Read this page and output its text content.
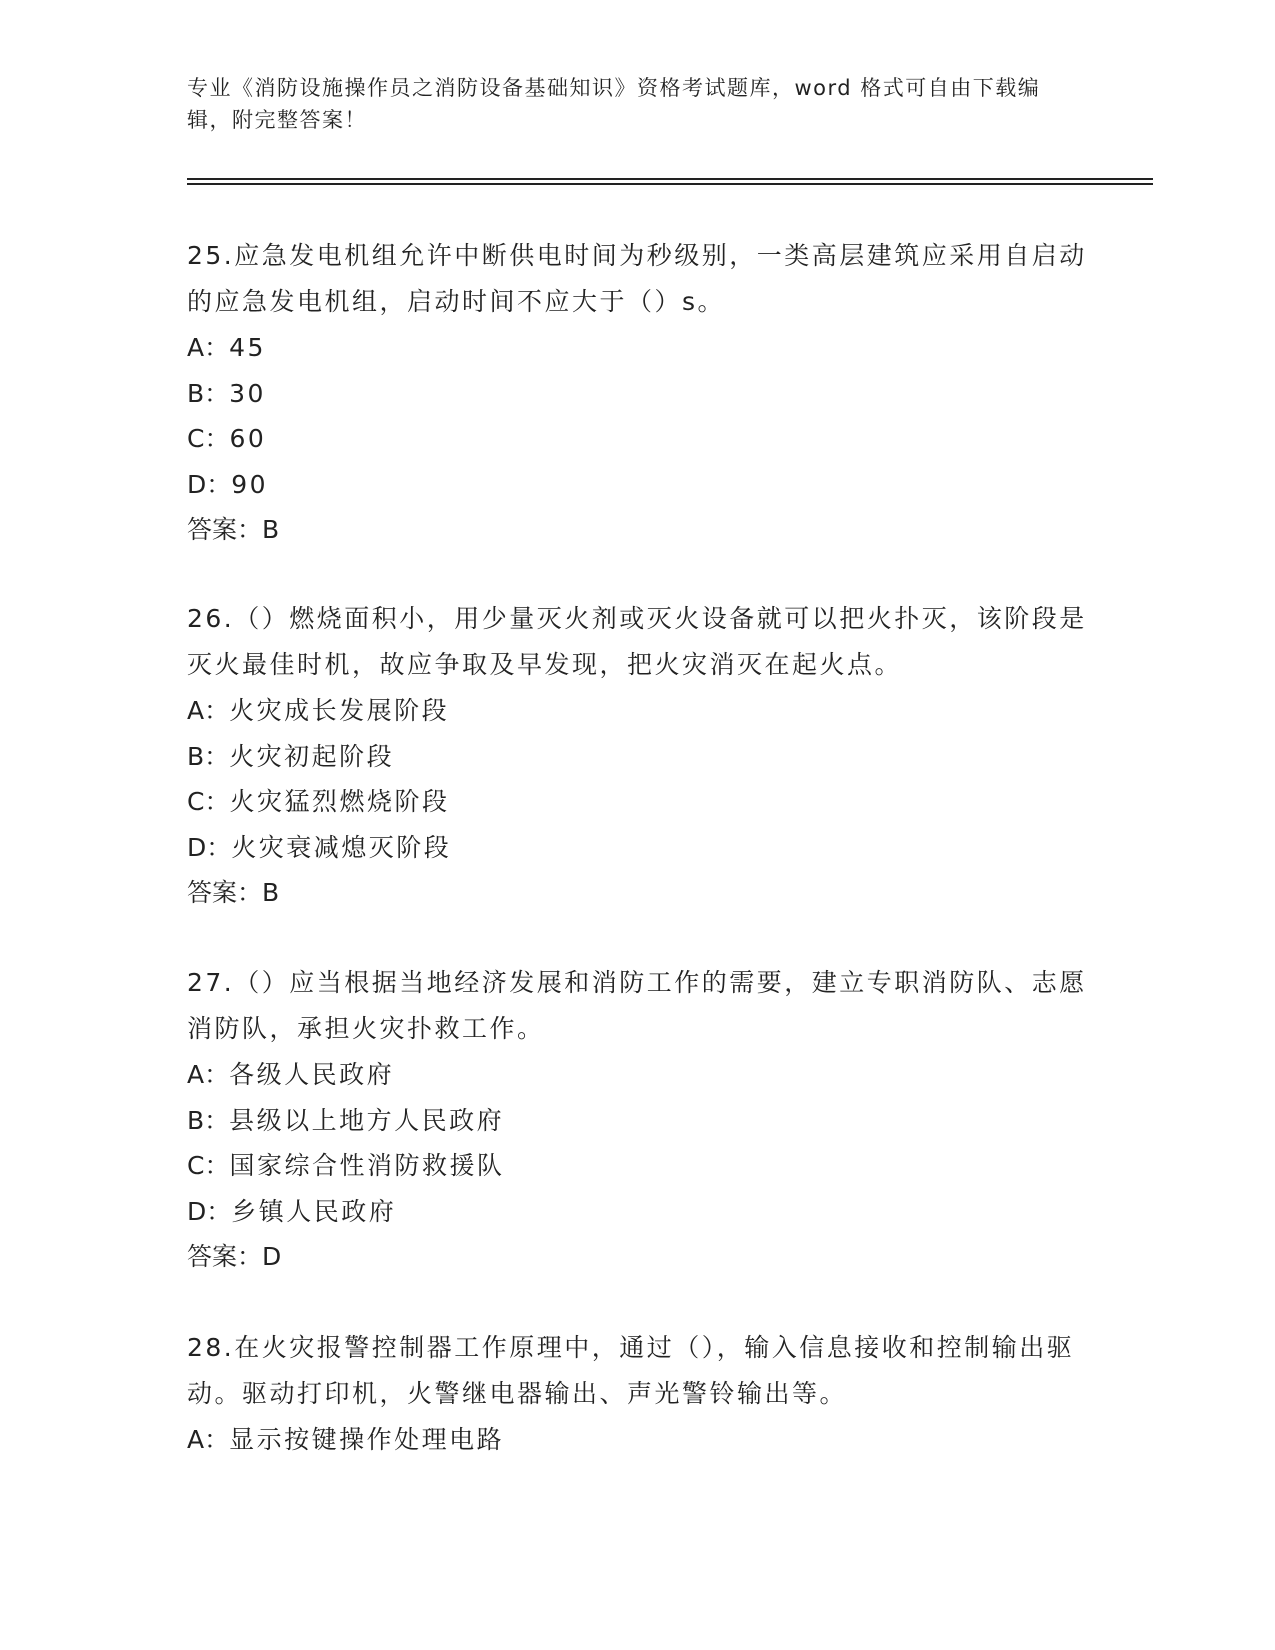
专业《消防设施操作员之消防设备基础知识》资格考试题库，word 格式可自由下载编辑，附完整答案！

25.应急发电机组允许中断供电时间为秒级别，一类高层建筑应采用自启动的应急发电机组，启动时间不应大于（）s。

A：45

B：30

C：60

D：90

答案：B

26.（）燃烧面积小，用少量灭火剂或灭火设备就可以把火扑灭，该阶段是灭火最佳时机，故应争取及早发现，把火灾消灭在起火点。

A：火灾成长发展阶段

B：火灾初起阶段

C：火灾猛烈燃烧阶段

D：火灾衰减熄灭阶段

答案：B

27.（）应当根据当地经济发展和消防工作的需要，建立专职消防队、志愿消防队，承担火灾扑救工作。

A：各级人民政府

B：县级以上地方人民政府

C：国家综合性消防救援队

D：乡镇人民政府

答案：D

28.在火灾报警控制器工作原理中，通过（），输入信息接收和控制输出驱动。驱动打印机，火警继电器输出、声光警铃输出等。

A：显示按键操作处理电路
